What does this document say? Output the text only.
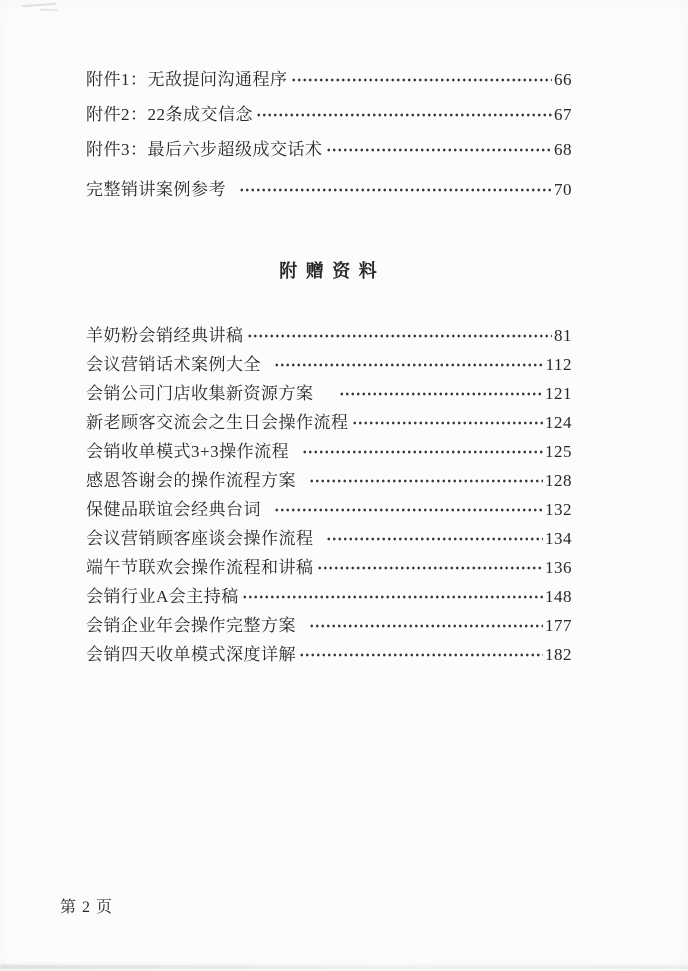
附件1：无敌提问沟通程序	66
附件2：22条成交信念	67
附件3：最后六步超级成交话术	68
完整销讲案例参考	70
附 赠 资 料
羊奶粉会销经典讲稿	81
会议营销话术案例大全	112
会销公司门店收集新资源方案　	121
新老顾客交流会之生日会操作流程	124
会销收单模式3+3操作流程	125
感恩答谢会的操作流程方案	128
保健品联谊会经典台词	132
会议营销顾客座谈会操作流程	134
端午节联欢会操作流程和讲稿	136
会销行业A会主持稿	148
会销企业年会操作完整方案	177
会销四天收单模式深度详解	182
第 2 页
